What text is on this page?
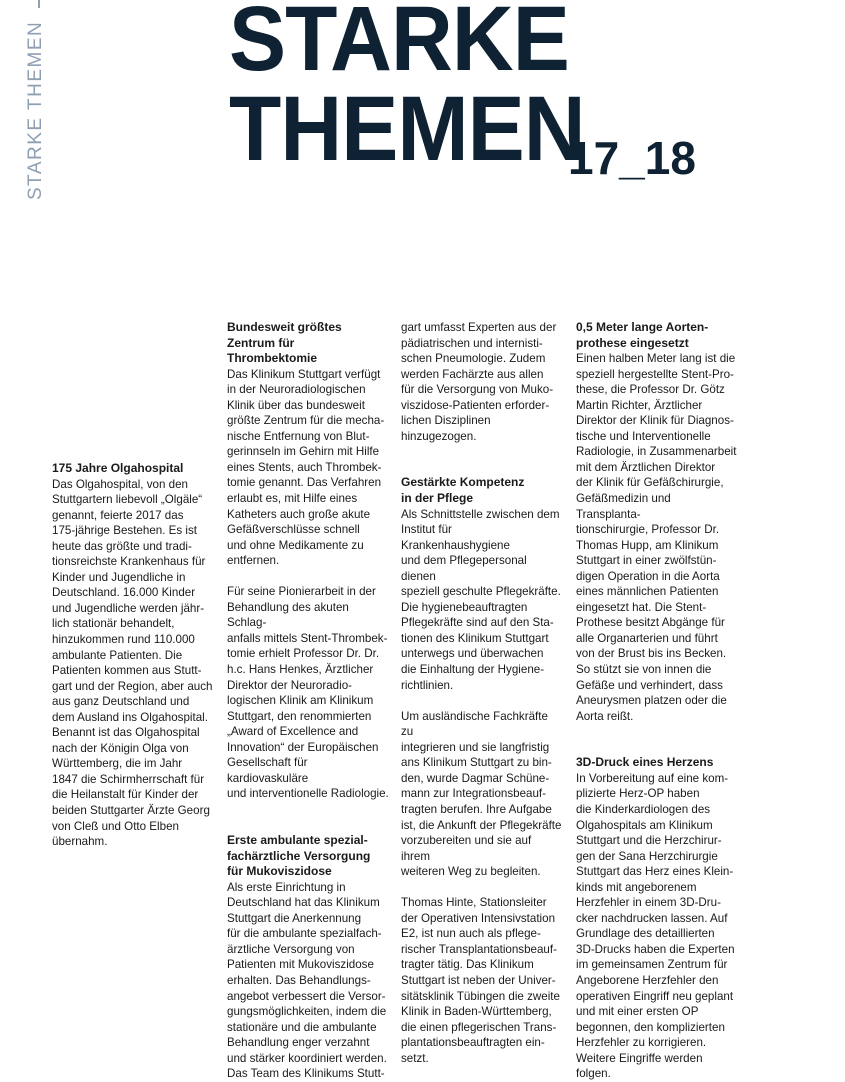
STARKE THEMEN STARKE
THEMEN
17_18
175 Jahre Olgahospital

Das Olgahospital, von den
Stuttgartern liebevoll „Olgäle“
genannt, feierte 2017 das
175-jährige Bestehen. Es ist
heute das größte und tradi-
tionsreichste Krankenhaus für
Kinder und Jugendliche in
Deutschland. 16.000 Kinder
und Jugendliche werden jähr-
lich stationär behandelt,
hinzukommen rund 110.000
ambulante Patienten. Die
Patienten kommen aus Stutt-
gart und der Region, aber auch
aus ganz Deutschland und
dem Ausland ins Olgahospital.
Benannt ist das Olgahospital
nach der Königin Olga von
Württemberg, die im Jahr
1847 die Schirmherrschaft für
die Heilanstalt für Kinder der
beiden Stuttgarter Ärzte Georg
von Cleß und Otto Elben
übernahm.

Bundesweit größtes
Zentrum für
Thrombektomie

Das Klinikum Stuttgart verfügt
in der Neuroradiologischen
Klinik über das bundesweit
größte Zentrum für die mecha-
nische Entfernung von Blut-
gerinnseln im Gehirn mit Hilfe
eines Stents, auch Thrombek-
tomie genannt. Das Verfahren
erlaubt es, mit Hilfe eines
Katheters auch große akute
Gefäßverschlüsse schnell
und ohne Medikamente zu
entfernen.

Für seine Pionierarbeit in der
Behandlung des akuten Schlag-
anfalls mittels Stent-Thrombek-
tomie erhielt Professor Dr. Dr.
h.c. Hans Henkes, Ärztlicher
Direktor der Neuroradio-
logischen Klinik am Klinikum
Stuttgart, den renommierten
„Award of Excellence and
Innovation“ der Europäischen
Gesellschaft für kardiovaskuläre
und interventionelle Radiologie.

Erste ambulante spezial-
fachärztliche Versorgung
für Mukoviszidose

Als erste Einrichtung in
Deutschland hat das Klinikum
Stuttgart die Anerkennung
für die ambulante spezialfach-
ärztliche Versorgung von
Patienten mit Mukoviszidose
erhalten. Das Behandlungs-
angebot verbessert die Versor-
gungsmöglichkeiten, indem die
stationäre und die ambulante
Behandlung enger verzahnt
und stärker koordiniert werden.
Das Team des Klinikums Stutt-

gart umfasst Experten aus der
pädiatrischen und internisti-
schen Pneumologie. Zudem
werden Fachärzte aus allen
für die Versorgung von Muko-
viszidose-Patienten erforder-
lichen Disziplinen hinzugezogen.

Gestärkte Kompetenz
in der Pflege

Als Schnittstelle zwischen dem
Institut für Krankenhaushygiene
und dem Pflegepersonal dienen
speziell geschulte Pflegekräfte.
Die hygienebeauftragten
Pflegekräfte sind auf den Sta-
tionen des Klinikum Stuttgart
unterwegs und überwachen
die Einhaltung der Hygiene-
richtlinien.

Um ausländische Fachkräfte zu
integrieren und sie langfristig
ans Klinikum Stuttgart zu bin-
den, wurde Dagmar Schüne-
mann zur Integrationsbeauf-
tragten berufen. Ihre Aufgabe
ist, die Ankunft der Pflegekräfte
vorzubereiten und sie auf ihrem
weiteren Weg zu begleiten.

Thomas Hinte, Stationsleiter
der Operativen Intensivstation
E2, ist nun auch als pflege-
rischer Transplantationsbeauf-
tragter tätig. Das Klinikum
Stuttgart ist neben der Univer-
sitätsklinik Tübingen die zweite
Klinik in Baden-Württemberg,
die einen pflegerischen Trans-
plantationsbeauftragten ein-
setzt.

0,5 Meter lange Aorten-
prothese eingesetzt

Einen halben Meter lang ist die
speziell hergestellte Stent-Pro-
these, die Professor Dr. Götz
Martin Richter, Ärztlicher
Direktor der Klinik für Diagnos-
tische und Interventionelle
Radiologie, in Zusammenarbeit
mit dem Ärztlichen Direktor
der Klinik für Gefäßchirurgie,
Gefäßmedizin und Transplanta-
tionschirurgie, Professor Dr.
Thomas Hupp, am Klinikum
Stuttgart in einer zwölfstün-
digen Operation in die Aorta
eines männlichen Patienten
eingesetzt hat. Die Stent-
Prothese besitzt Abgänge für
alle Organarterien und führt
von der Brust bis ins Becken.
So stützt sie von innen die
Gefäße und verhindert, dass
Aneurysmen platzen oder die
Aorta reißt.

3D-Druck eines Herzens

In Vorbereitung auf eine kom-
plizierte Herz-OP haben
die Kinderkardiologen des
Olgahospitals am Klinikum
Stuttgart und die Herzchirur-
gen der Sana Herzchirurgie
Stuttgart das Herz eines Klein-
kinds mit angeborenem
Herzfehler in einem 3D-Dru-
cker nachdrucken lassen. Auf
Grundlage des detaillierten
3D-Drucks haben die Experten
im gemeinsamen Zentrum für
Angeborene Herzfehler den
operativen Eingriff neu geplant
und mit einer ersten OP
begonnen, den komplizierten
Herzfehler zu korrigieren.
Weitere Eingriffe werden folgen.
